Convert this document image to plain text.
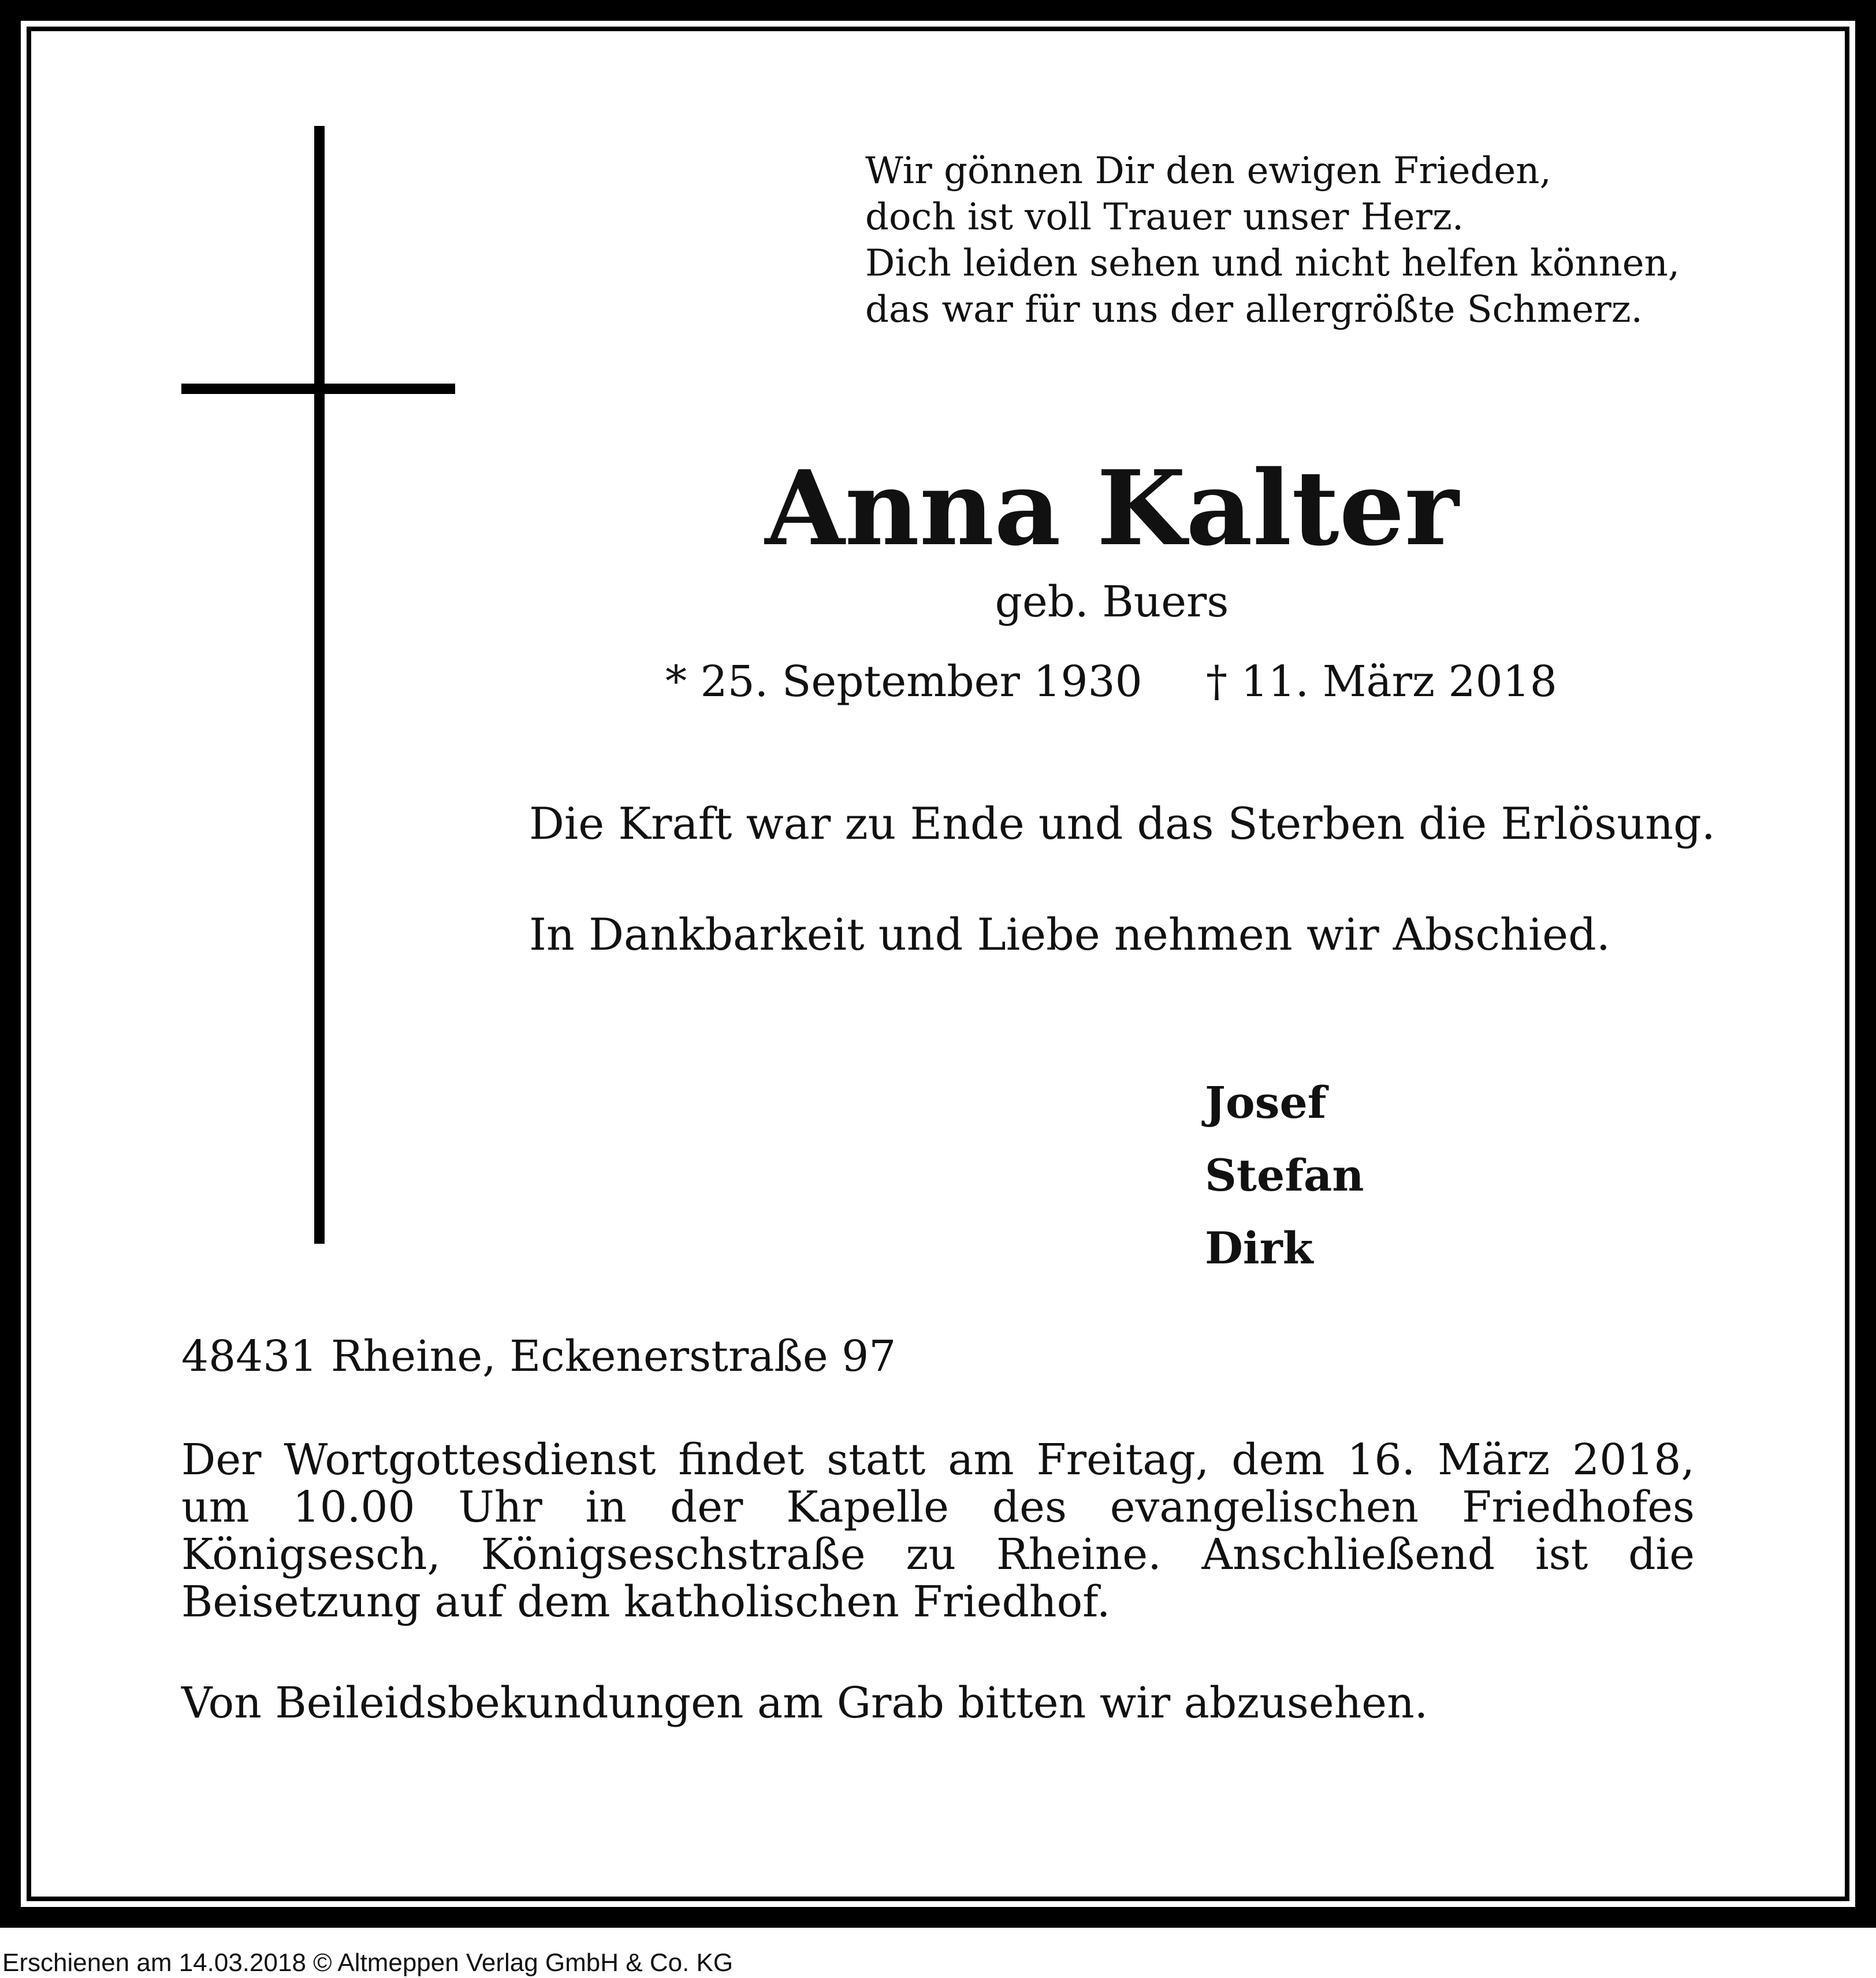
Wir gönnen Dir den ewigen Frieden,
doch ist voll Trauer unser Herz.
Dich leiden sehen und nicht helfen können,
das war für uns der allergrößte Schmerz.
Anna Kalter
geb. Buers
* 25. September 1930 † 11. März 2018
Die Kraft war zu Ende und das Sterben die Erlösung.
In Dankbarkeit und Liebe nehmen wir Abschied.
Josef
Stefan
Dirk
48431 Rheine, Eckenerstraße 97
Der Wortgottesdienst findet statt am Freitag, dem 16. März 2018, um 10.00 Uhr in der Kapelle des evangelischen Friedhofes Königsesch, Königseschstraße zu Rheine. Anschließend ist die Beisetzung auf dem katholischen Friedhof.
Von Beileidsbekundungen am Grab bitten wir abzusehen.
Erschienen am 14.03.2018 © Altmeppen Verlag GmbH & Co. KG
